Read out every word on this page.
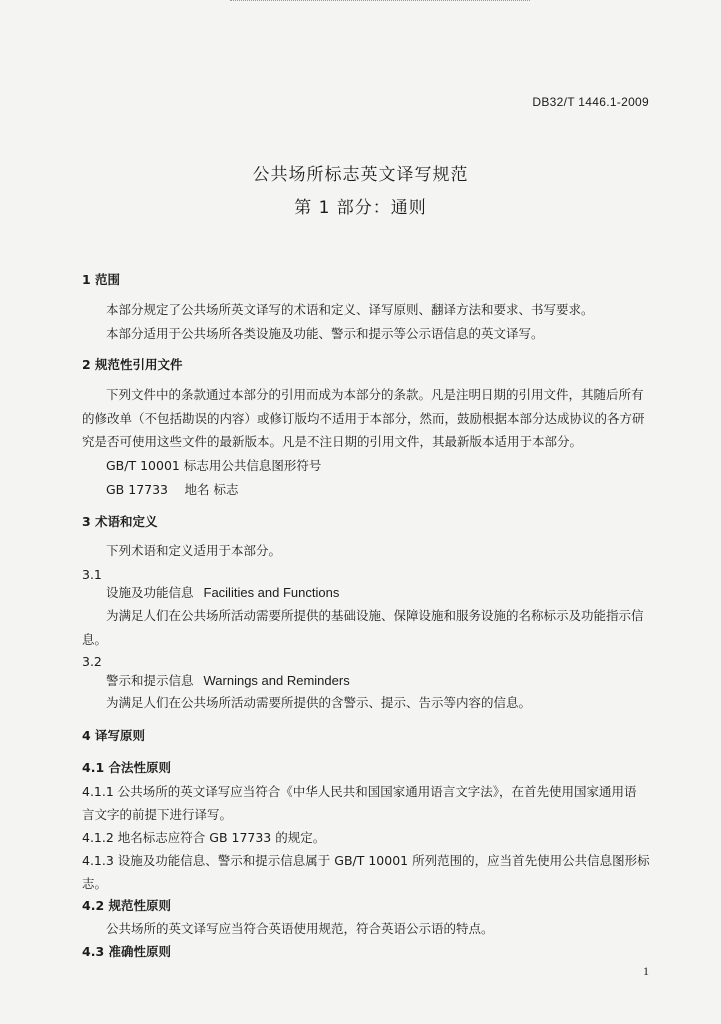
DB32/T 1446.1-2009
公共场所标志英文译写规范
第 1 部分：通则
1 范围
本部分规定了公共场所英文译写的术语和定义、译写原则、翻译方法和要求、书写要求。
本部分适用于公共场所各类设施及功能、警示和提示等公示语信息的英文译写。
2 规范性引用文件
下列文件中的条款通过本部分的引用而成为本部分的条款。凡是注明日期的引用文件，其随后所有
的修改单（不包括勘误的内容）或修订版均不适用于本部分，然而，鼓励根据本部分达成协议的各方研
究是否可使用这些文件的最新版本。凡是不注日期的引用文件，其最新版本适用于本部分。
GB/T 10001 标志用公共信息图形符号
GB 17733　 地名 标志
3 术语和定义
下列术语和定义适用于本部分。
3.1
设施及功能信息 Facilities and Functions
为满足人们在公共场所活动需要所提供的基础设施、保障设施和服务设施的名称标示及功能指示信
息。
3.2
警示和提示信息 Warnings and Reminders
为满足人们在公共场所活动需要所提供的含警示、提示、告示等内容的信息。
4 译写原则
4.1 合法性原则
4.1.1 公共场所的英文译写应当符合《中华人民共和国国家通用语言文字法》，在首先使用国家通用语
言文字的前提下进行译写。
4.1.2 地名标志应符合 GB 17733 的规定。
4.1.3 设施及功能信息、警示和提示信息属于 GB/T 10001 所列范围的，应当首先使用公共信息图形标
志。
4.2 规范性原则
公共场所的英文译写应当符合英语使用规范，符合英语公示语的特点。
4.3 准确性原则
1
